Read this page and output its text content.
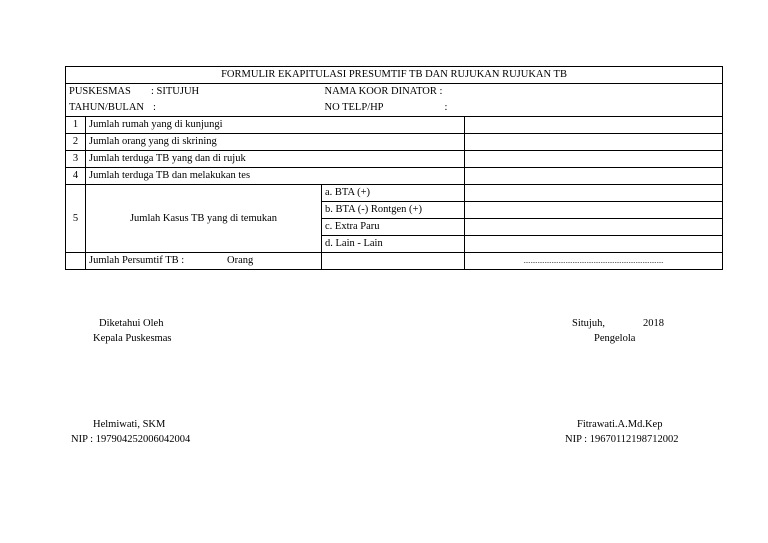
FORMULIR EKAPITULASI PRESUMTIF TB DAN RUJUKAN RUJUKAN TB			
PUSKESMAS : SITUJUH		NAMA KOOR DINATOR :	
TAHUN/BULAN :		NO TELP/HP :	
1	Jumlah rumah yang di kunjungi		
2	Jumlah orang yang di skrining		
3	Jumlah terduga TB yang dan di rujuk		
4	Jumlah terduga TB dan melakukan tes		
5	Jumlah Kasus TB yang di temukan	a. BTA (+)	
		b. BTA (-) Rontgen (+)	
		c. Extra Paru	
		d. Lain - Lain	
	Jumlah Persumtif TB : Orang		................................................................................
Diketahui Oleh
Kepala Puskesmas
Helmiwati, SKM
NIP : 197904252006042004
Situjuh,	2018
Pengelola
Fitrawati.A.Md.Kep
NIP : 19670112198712002
